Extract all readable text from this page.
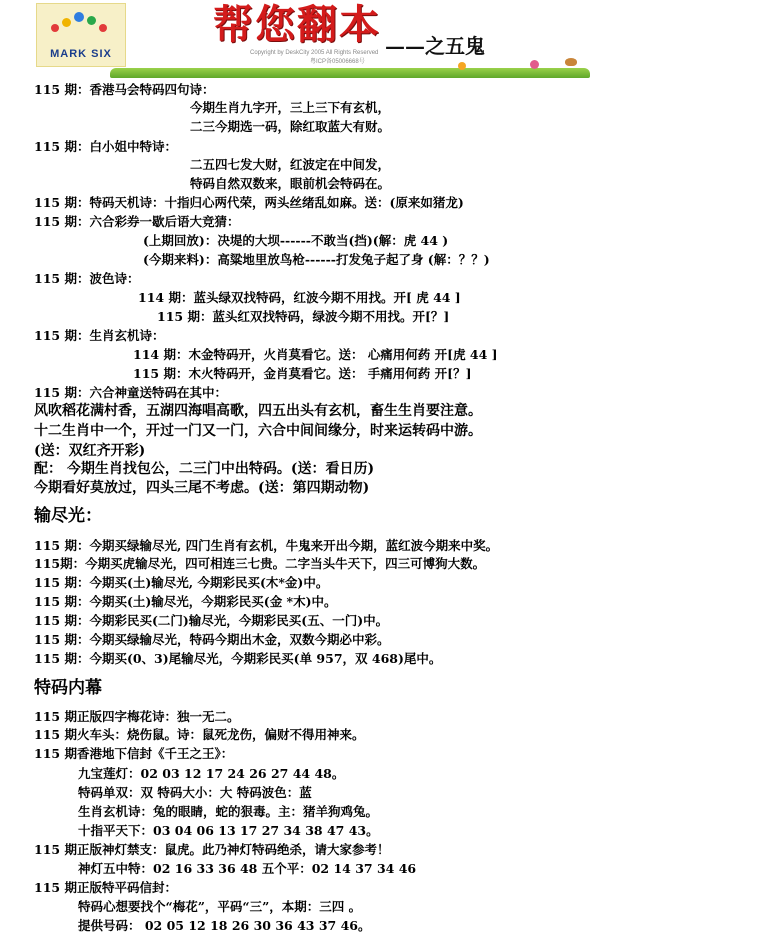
MARK SIX
帮您翻本 ——之五鬼
Copyright by DeskCity 2005 All Rights Reserved
粤ICP备05006668号
115 期：香港马会特码四句诗：
今期生肖九字开，三上三下有玄机，
二三今期选一码，除红取蓝大有财。
115 期：白小姐中特诗：
二五四七发大财，红波定在中间发，
特码自然双数来，眼前机会特码在。
115 期：特码天机诗：十指归心两代荣，两头丝绪乱如麻。送：(原来如猪龙)
115 期：六合彩券一歇后语大竞猜：
(上期回放)：决堤的大坝------不敢当(挡)(解：虎 44 )
(今期来料)：高粱地里放鸟枪------打发兔子起了身 (解：？？)
115 期：波色诗：
114 期：蓝头绿双找特码，红波今期不用找。开[ 虎 44 ]
115 期：蓝头红双找特码，绿波今期不用找。开[？]
115 期：生肖玄机诗：
114 期：木金特码开，火肖莫看它。送： 心痛用何药 开[虎 44 ]
115 期：木火特码开，金肖莫看它。送： 手痛用何药 开[？]
115 期：六合神童送特码在其中：
风吹稻花满村香，五湖四海唱高歌，四五出头有玄机，畜生生肖要注意。
十二生肖中一个，开过一门又一门，六合中间间缘分，时来运转码中游。
(送：双红齐开彩)
配： 今期生肖找包公，二三门中出特码。(送：看日历)
今期看好莫放过，四头三尾不考虑。(送：第四期动物)
115 期：今期买绿输尽光, 四门生肖有玄机，牛鬼来开出今期，蓝红波今期来中奖。
115期：今期买虎输尽光，四可相连三七贵。二字当头牛天下，四三可博狗大数。
115 期：今期买(土)输尽光, 今期彩民买(木*金)中。
115 期：今期买(土)输尽光，今期彩民买(金 *木)中。
115 期：今期彩民买(二门)输尽光，今期彩民买(五、一门)中。
115 期：今期买绿输尽光，特码今期出木金，双数今期必中彩。
115 期：今期买(0、3)尾输尽光，今期彩民买(单 957，双 468)尾中。
115 期正版四字梅花诗：独一无二。
115 期火车头：烧伤鼠。诗：鼠死龙伤，偏财不得用神来。
115 期香港地下信封《千王之王》：
九宝莲灯：02 03 12 17 24 26 27 44 48。
特码单双：双 特码大小：大 特码波色：蓝
生肖玄机诗：兔的眼睛，蛇的狠毒。主：猪羊狗鸡兔。
十指平天下：03 04 06 13 17 27 34 38 47 43。
115 期正版神灯禁支：鼠虎。此乃神灯特码绝杀，请大家参考！
神灯五中特：02 16 33 36 48 五个平：02 14 37 34 46
115 期正版特平码信封：
特码心想要找个“梅花”，平码“三”，本期：三四 。
提供号码： 02 05 12 18 26 30 36 43 37 46。
输尽光：
特码内幕
